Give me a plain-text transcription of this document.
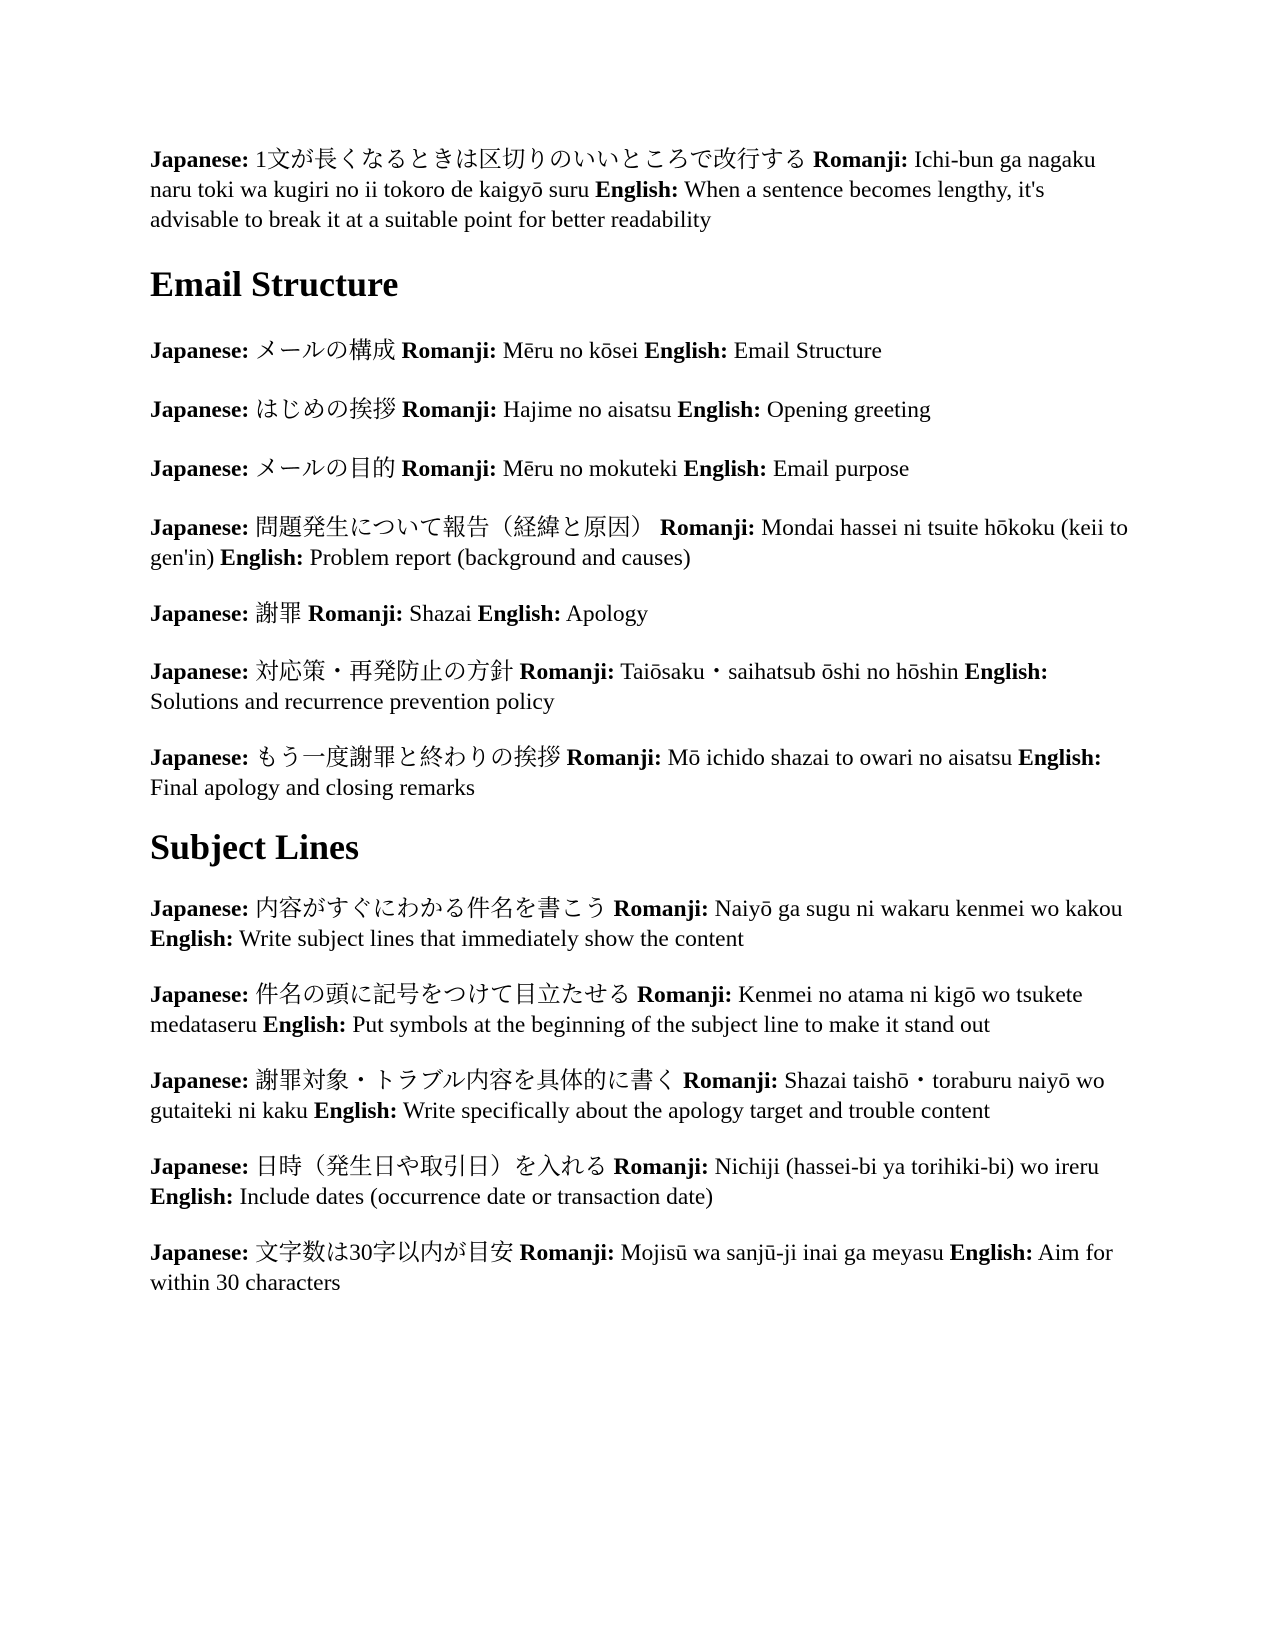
Japanese: 1文が長くなるときは区切りのいいところで改行する Romanji: Ichi-bun ga nagaku naru toki wa kugiri no ii tokoro de kaigyō suru English: When a sentence becomes lengthy, it's advisable to break it at a suitable point for better readability

Email Structure

Japanese: メールの構成 Romanji: Mēru no kōsei English: Email Structure

Japanese: はじめの挨拶 Romanji: Hajime no aisatsu English: Opening greeting

Japanese: メールの目的 Romanji: Mēru no mokuteki English: Email purpose

Japanese: 問題発生について報告（経緯と原因） Romanji: Mondai hassei ni tsuite hōkoku (keii to gen'in) English: Problem report (background and causes)

Japanese: 謝罪 Romanji: Shazai English: Apology

Japanese: 対応策・再発防止の方針 Romanji: Taiōsaku・saihatsub ōshi no hōshin English: Solutions and recurrence prevention policy

Japanese: もう一度謝罪と終わりの挨拶 Romanji: Mō ichido shazai to owari no aisatsu English: Final apology and closing remarks

Subject Lines

Japanese: 内容がすぐにわかる件名を書こう Romanji: Naiyō ga sugu ni wakaru kenmei wo kakou English: Write subject lines that immediately show the content

Japanese: 件名の頭に記号をつけて目立たせる Romanji: Kenmei no atama ni kigō wo tsukete medataseru English: Put symbols at the beginning of the subject line to make it stand out

Japanese: 謝罪対象・トラブル内容を具体的に書く Romanji: Shazai taishō・toraburu naiyō wo gutaiteki ni kaku English: Write specifically about the apology target and trouble content

Japanese: 日時（発生日や取引日）を入れる Romanji: Nichiji (hassei-bi ya torihiki-bi) wo ireru English: Include dates (occurrence date or transaction date)

Japanese: 文字数は30字以内が目安 Romanji: Mojisū wa sanjū-ji inai ga meyasu English: Aim for within 30 characters
